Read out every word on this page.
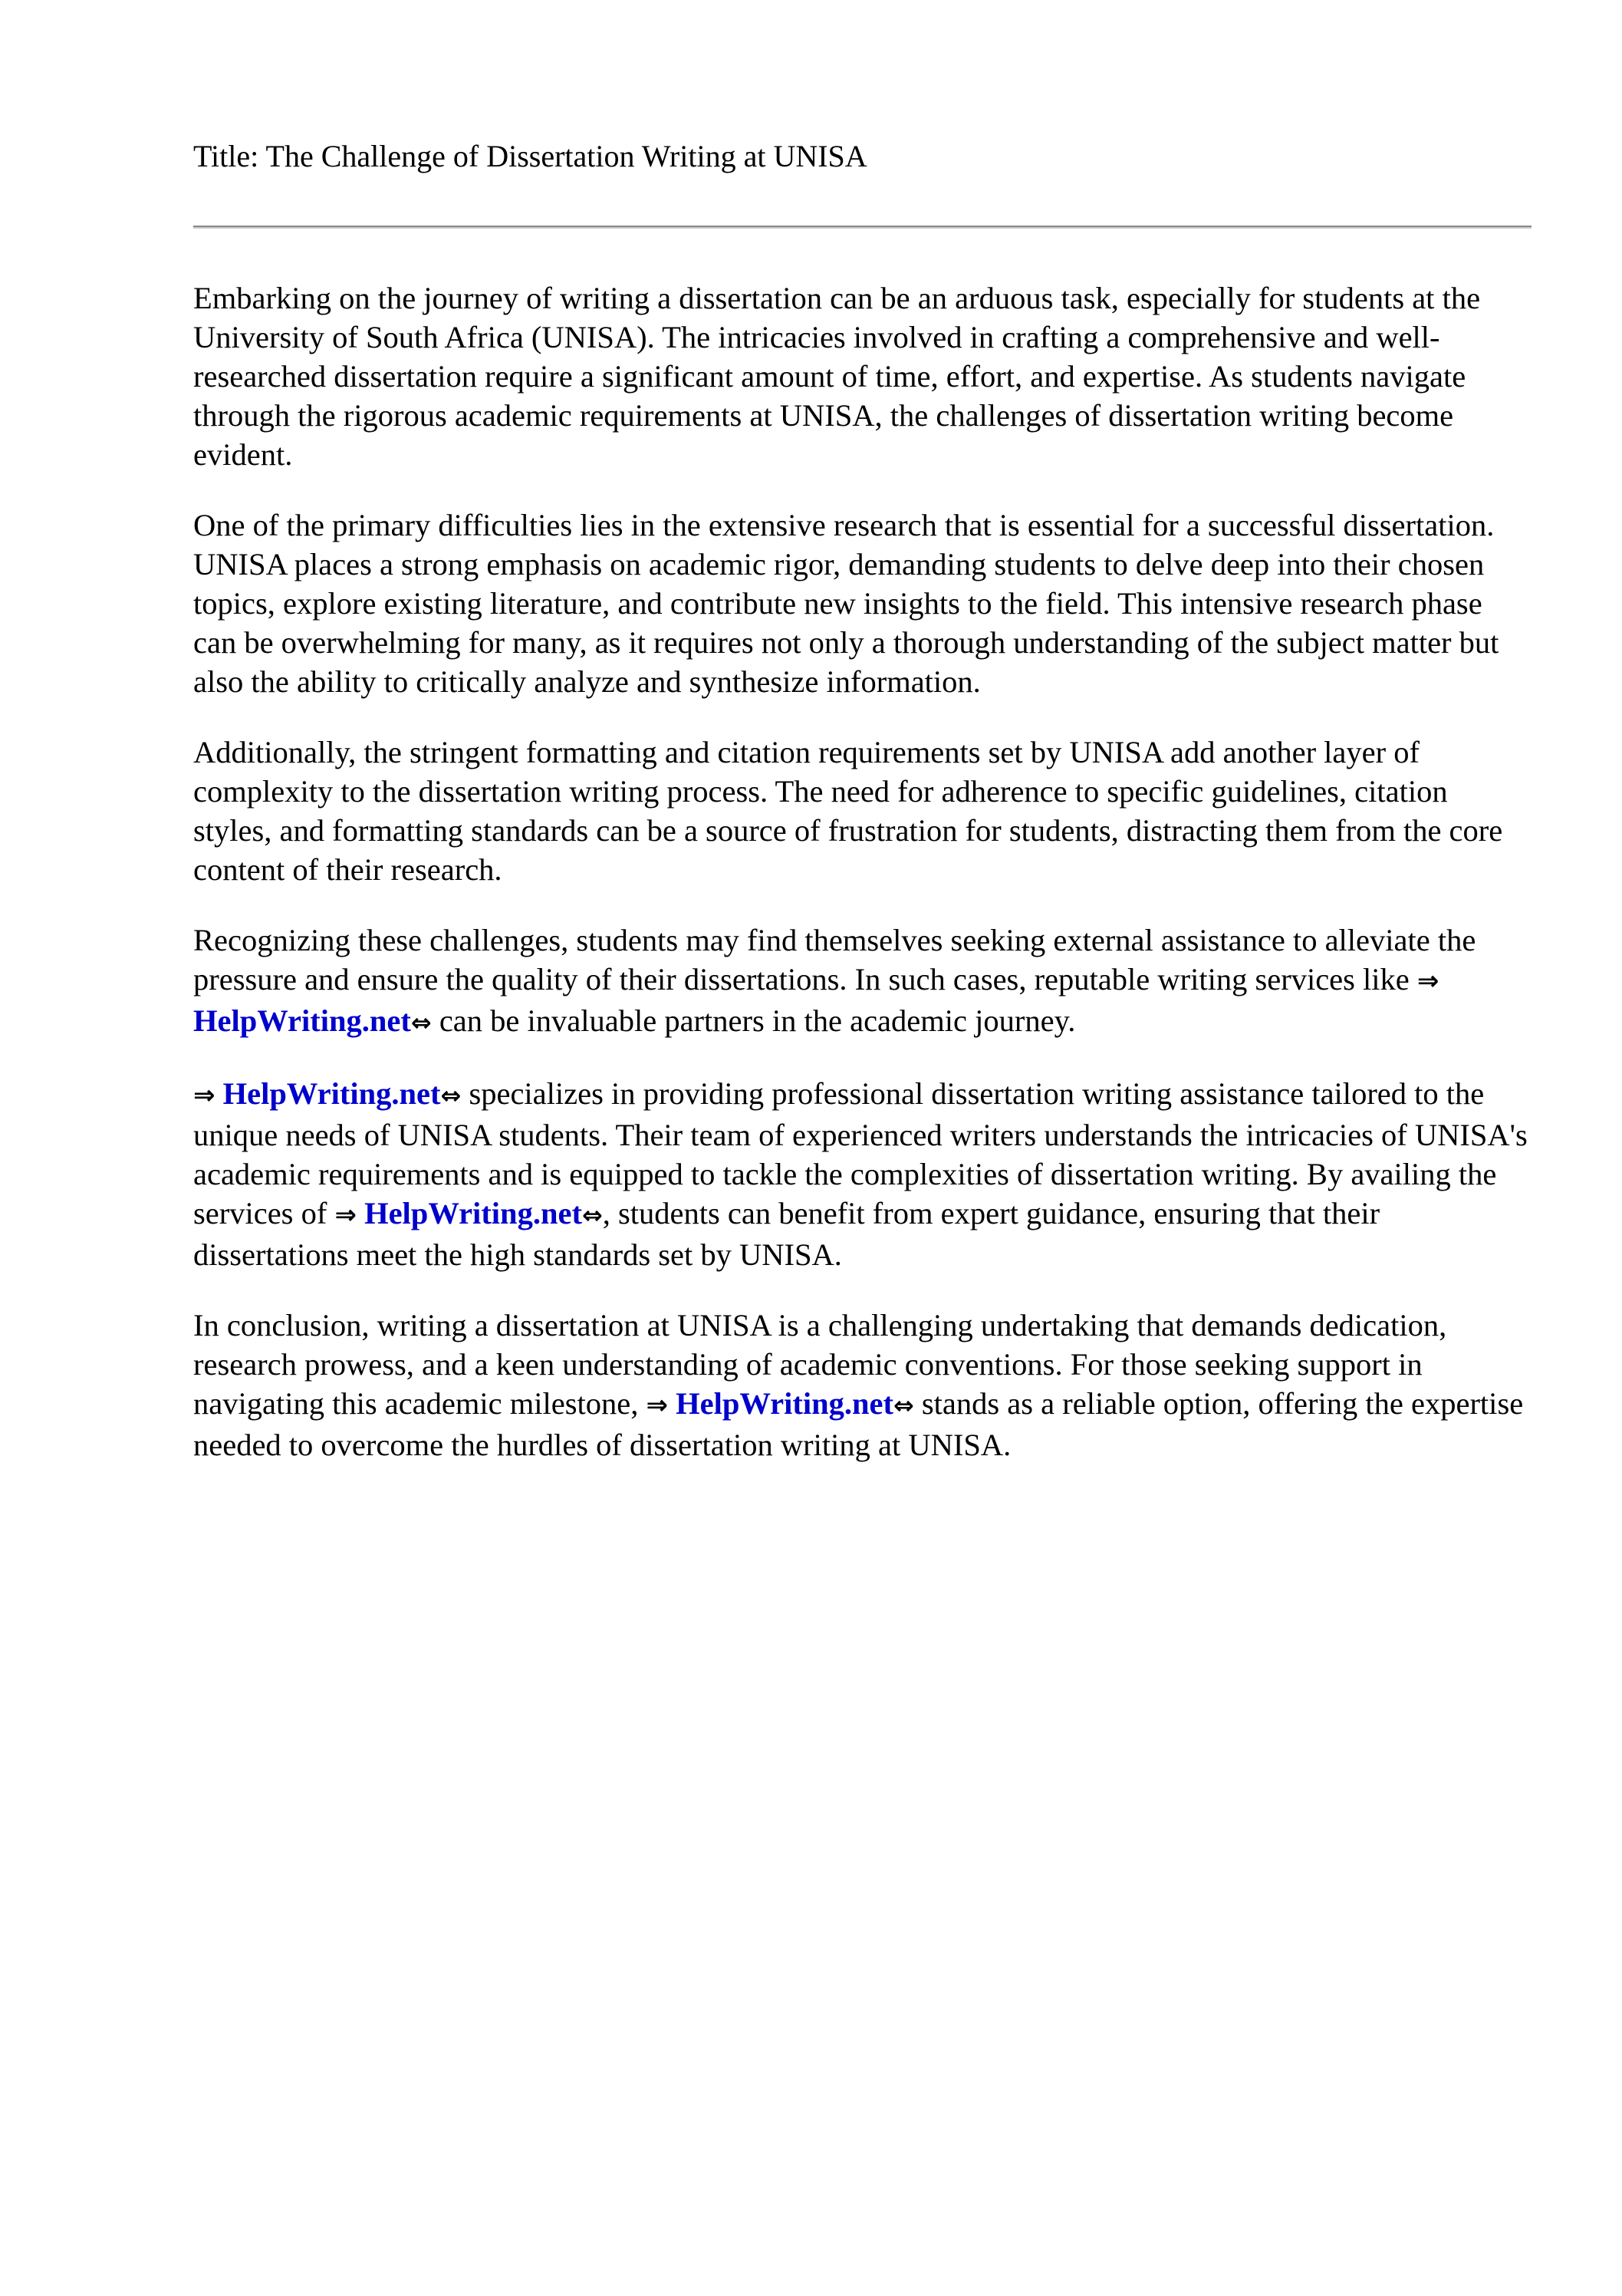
Title: The Challenge of Dissertation Writing at UNISA

Embarking on the journey of writing a dissertation can be an arduous task, especially for students at the University of South Africa (UNISA). The intricacies involved in crafting a comprehensive and well-researched dissertation require a significant amount of time, effort, and expertise. As students navigate through the rigorous academic requirements at UNISA, the challenges of dissertation writing become evident.

One of the primary difficulties lies in the extensive research that is essential for a successful dissertation. UNISA places a strong emphasis on academic rigor, demanding students to delve deep into their chosen topics, explore existing literature, and contribute new insights to the field. This intensive research phase can be overwhelming for many, as it requires not only a thorough understanding of the subject matter but also the ability to critically analyze and synthesize information.

Additionally, the stringent formatting and citation requirements set by UNISA add another layer of complexity to the dissertation writing process. The need for adherence to specific guidelines, citation styles, and formatting standards can be a source of frustration for students, distracting them from the core content of their research.

Recognizing these challenges, students may find themselves seeking external assistance to alleviate the pressure and ensure the quality of their dissertations. In such cases, reputable writing services like ⇒ HelpWriting.net⇔ can be invaluable partners in the academic journey.

⇒ HelpWriting.net⇔ specializes in providing professional dissertation writing assistance tailored to the unique needs of UNISA students. Their team of experienced writers understands the intricacies of UNISA's academic requirements and is equipped to tackle the complexities of dissertation writing. By availing the services of ⇒ HelpWriting.net⇔, students can benefit from expert guidance, ensuring that their dissertations meet the high standards set by UNISA.

In conclusion, writing a dissertation at UNISA is a challenging undertaking that demands dedication, research prowess, and a keen understanding of academic conventions. For those seeking support in navigating this academic milestone, ⇒ HelpWriting.net⇔ stands as a reliable option, offering the expertise needed to overcome the hurdles of dissertation writing at UNISA.
